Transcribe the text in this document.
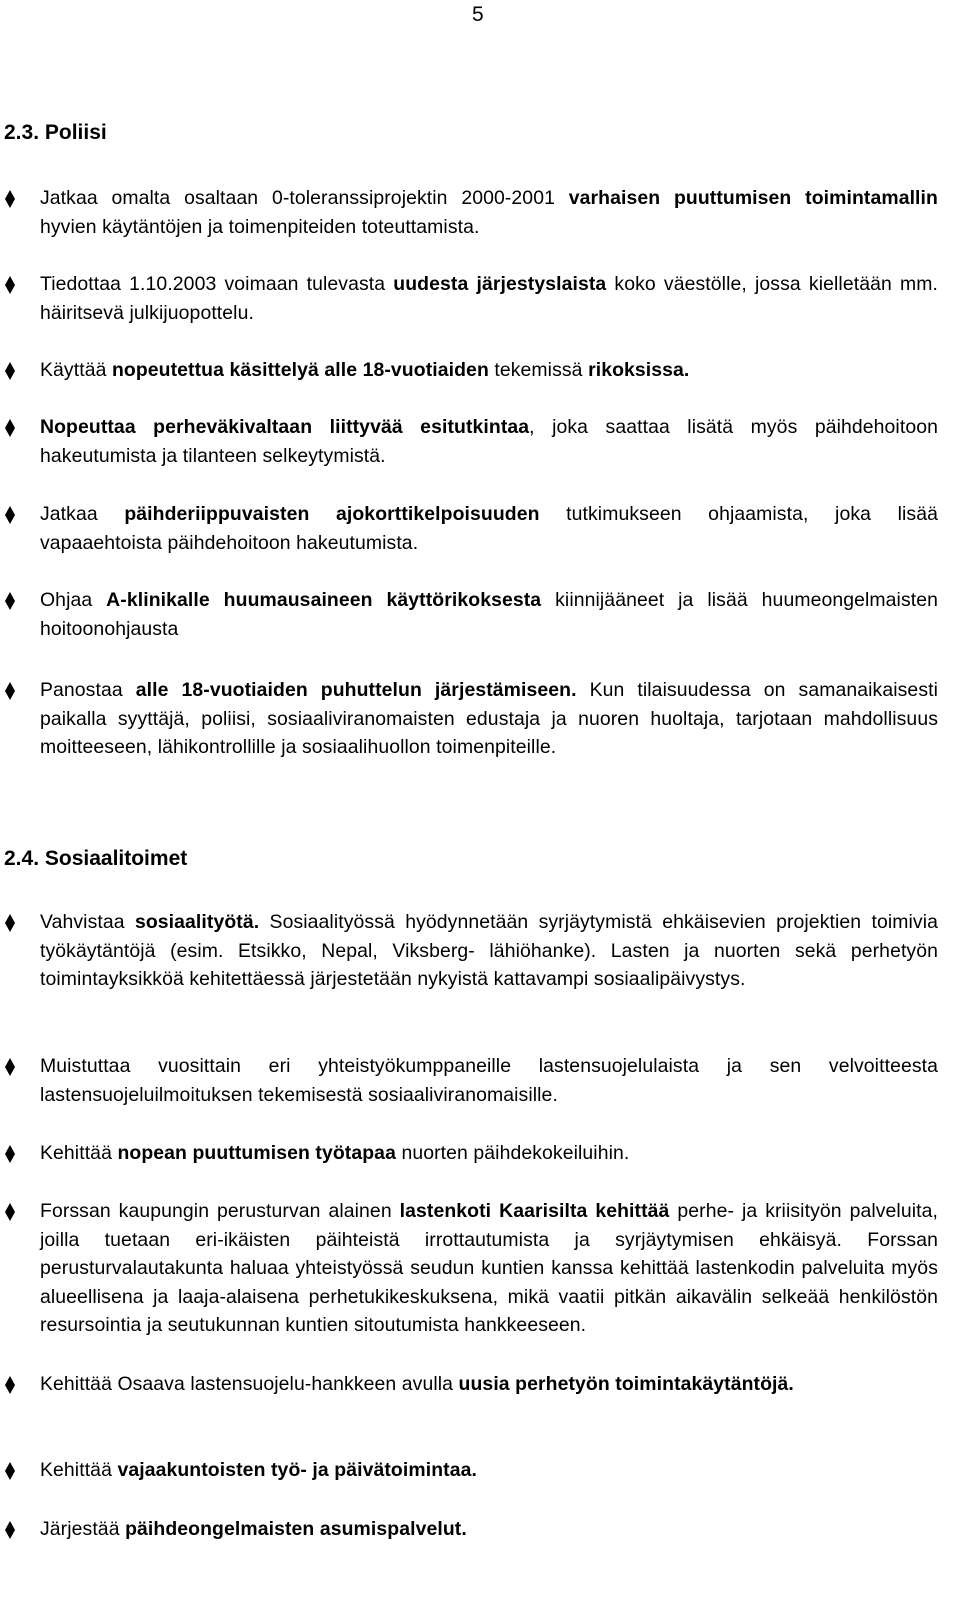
5
2.3. Poliisi
Jatkaa omalta osaltaan 0-toleranssiprojektin 2000-2001 varhaisen puuttumisen toimintamallin hyvien käytäntöjen ja toimenpiteiden toteuttamista.
Tiedottaa 1.10.2003 voimaan tulevasta uudesta järjestyslaista koko väestölle, jossa kielletään mm. häiritsevä julkijuopottelu.
Käyttää nopeutettua käsittelyä alle 18-vuotiaiden tekemissä rikoksissa.
Nopeuttaa perheväkivaltaan liittyvää esitutkintaa, joka saattaa lisätä myös päihdehoitoon hakeutumista ja tilanteen selkeytymistä.
Jatkaa päihderiippuvaisten ajokorttikelpoisuuden tutkimukseen ohjaamista, joka lisää vapaaehtoista päihdehoitoon hakeutumista.
Ohjaa A-klinikalle huumausaineen käyttörikoksesta kiinnijääneet ja lisää huumeongelmaisten hoitoonohjausta
Panostaa alle 18-vuotiaiden puhuttelun järjestämiseen. Kun tilaisuudessa on samanaikaisesti paikalla syyttäjä, poliisi, sosiaaliviranomaisten edustaja ja nuoren huoltaja, tarjotaan mahdollisuus moitteeseen, lähikontrollille ja sosiaalihuollon toimenpiteille.
2.4. Sosiaalitoimet
Vahvistaa sosiaalityötä. Sosiaalityössä hyödynnetään syrjäytymistä ehkäisevien projektien toimivia työkäytäntöjä (esim. Etsikko, Nepal, Viksberg- lähiöhanke). Lasten ja nuorten sekä perhetyön toimintayksikköä kehitettäessä järjestetään nykyistä kattavampi sosiaalipäivystys.
Muistuttaa vuosittain eri yhteistyökumppaneille lastensuojelulaista ja sen velvoitteesta lastensuojeluilmoituksen tekemisestä sosiaaliviranomaisille.
Kehittää nopean puuttumisen työtapaa nuorten päihdekokeiluihin.
Forssan kaupungin perusturvan alainen lastenkoti Kaarisilta kehittää perhe- ja kriisityön palveluita, joilla tuetaan eri-ikäisten päihteistä irrottautumista ja syrjäytymisen ehkäisyä. Forssan perusturvalautakunta haluaa yhteistyössä seudun kuntien kanssa kehittää lastenkodin palveluita myös alueellisena ja laaja-alaisena perhetukikeskuksena, mikä vaatii pitkän aikavälin selkeää henkilöstön resursointia ja seutukunnan kuntien sitoutumista hankkeeseen.
Kehittää Osaava lastensuojelu-hankkeen avulla uusia perhetyön toimintakäytäntöjä.
Kehittää vajaakuntoisten työ- ja päivätoimintaa.
Järjestää päihdeongelmaisten asumispalvelut.
